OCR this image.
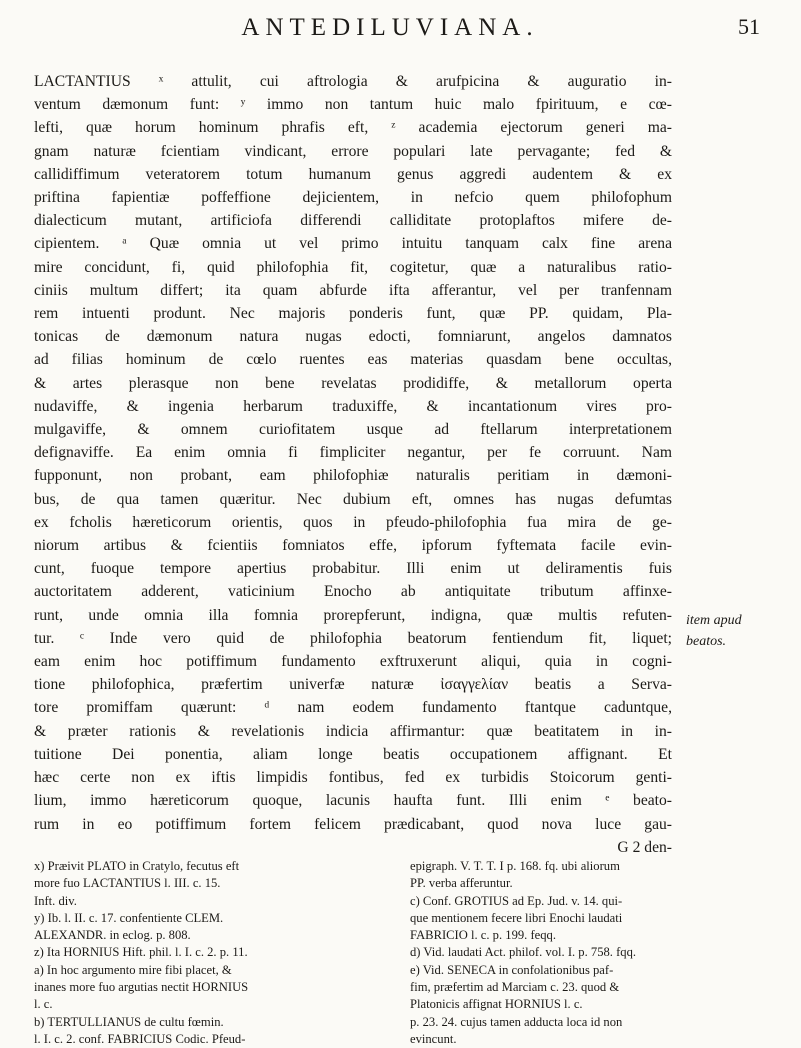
ANTEDILUVIANA.	51

LACTANTIUS ˣ attulit, cui aftrologia & arufpicina & auguratio in-

ventum dæmonum funt: ʸ immo non tantum huic malo fpirituum, e cœ-

lefti, quæ horum hominum phrafis eft, ᶻ academia ejectorum generi ma-

gnam naturæ fcientiam vindicant, errore populari late pervagante; fed &

callidiffimum veteratorem totum humanum genus aggredi audentem & ex

priftina fapientiæ poffeffione dejicientem, in nefcio quem philofophum

dialecticum mutant, artificiofa differendi calliditate protoplaftos mifere de-

cipientem. ᵃ Quæ omnia ut vel primo intuitu tanquam calx fine arena

mire concidunt, fi, quid philofophia fit, cogitetur, quæ a naturalibus ratio-

ciniis multum differt; ita quam abfurde ifta afferantur, vel per tranfennam

rem intuenti produnt. Nec majoris ponderis funt, quæ PP. quidam, Pla-

tonicas de dæmonum natura nugas edocti, fomniarunt, angelos damnatos

ad filias hominum de cœlo ruentes eas materias quasdam bene occultas,

& artes plerasque non bene revelatas prodidiffe, & metallorum operta

nudaviffe, & ingenia herbarum traduxiffe, & incantationum vires pro-

mulgaviffe, & omnem curiofitatem usque ad ftellarum interpretationem

defignaviffe. Ea enim omnia fi fimpliciter negantur, per fe corruunt. Nam

fupponunt, non probant, eam philofophiæ naturalis peritiam in dæmoni-

bus, de qua tamen quæritur. Nec dubium eft, omnes has nugas defumtas

ex fcholis hæreticorum orientis, quos in pfeudo-philofophia fua mira de ge-

niorum artibus & fcientiis fomniatos effe, ipforum fyftemata facile evin-

cunt, fuoque tempore apertius probabitur. Illi enim ut deliramentis fuis

auctoritatem adderent, vaticinium Enocho ab antiquitate tributum affinxe-

runt, unde omnia illa fomnia prorepferunt, indigna, quæ multis refuten-

tur. ᶜ Inde vero quid de philofophia beatorum fentiendum fit, liquet;

eam enim hoc potiffimum fundamento exftruxerunt aliqui, quia in cogni-

tione philofophica, præfertim univerfæ naturæ ἰσαγγελίαν beatis a Serva-

tore promiffam quærunt: ᵈ nam eodem fundamento ftantque caduntque,

& præter rationis & revelationis indicia affirmantur: quæ beatitatem in in-

tuitione Dei ponentia, aliam longe beatis occupationem affignant. Et

hæc certe non ex iftis limpidis fontibus, fed ex turbidis Stoicorum genti-

lium, immo hæreticorum quoque, lacunis haufta funt. Illi enim ᵉ beato-

rum in eo potiffimum fortem felicem prædicabant, quod nova luce gau-

G 2 den-

item apud
beatos.

x) Præivit PLATO in Cratylo, fecutus eft

more fuo LACTANTIUS l. III. c. 15.

Inft. div.

y) Ib. l. II. c. 17. confentiente CLEM.

ALEXANDR. in eclog. p. 808.

z) Ita HORNIUS Hift. phil. l. I. c. 2. p. 11.

a) In hoc argumento mire fibi placet, &

inanes more fuo argutias nectit HORNIUS

l. c.

b) TERTULLIANUS de cultu fœmin.

l. I. c. 2. conf. FABRICIUS Codic. Pfeud-

epigraph. V. T. T. I p. 168. fq. ubi aliorum

PP. verba afferuntur.

c) Conf. GROTIUS ad Ep. Jud. v. 14. qui-

que mentionem fecere libri Enochi laudati

FABRICIO l. c. p. 199. feqq.

d) Vid. laudati Act. philof. vol. I. p. 758. fqq.

e) Vid. SENECA in confolationibus paf-

fim, præfertim ad Marciam c. 23. quod &

Platonicis affignat HORNIUS l. c.

p. 23. 24. cujus tamen adducta loca id non

evincunt.
